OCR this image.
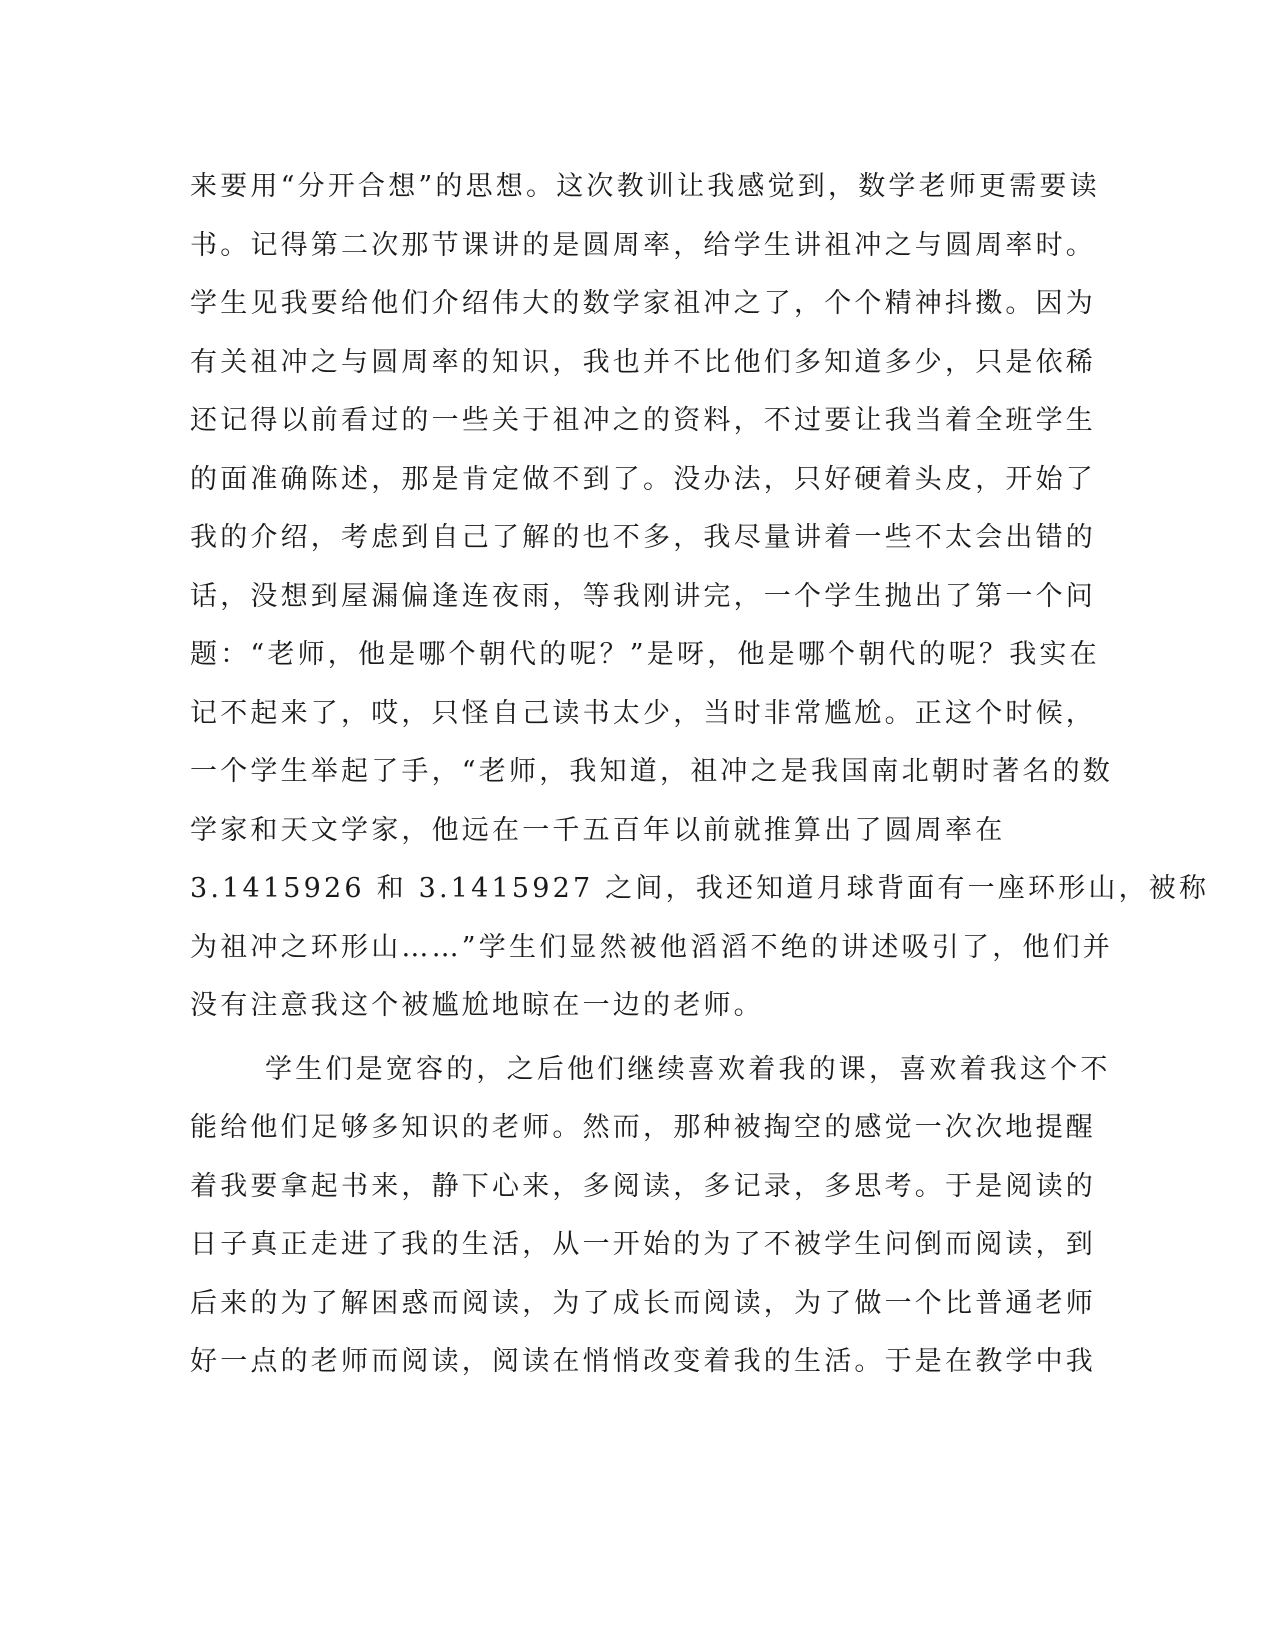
来要用“分开合想”的思想。这次教训让我感觉到，数学老师更需要读
书。记得第二次那节课讲的是圆周率，给学生讲祖冲之与圆周率时。
学生见我要给他们介绍伟大的数学家祖冲之了，个个精神抖擞。因为
有关祖冲之与圆周率的知识，我也并不比他们多知道多少，只是依稀
还记得以前看过的一些关于祖冲之的资料，不过要让我当着全班学生
的面准确陈述，那是肯定做不到了。没办法，只好硬着头皮，开始了
我的介绍，考虑到自己了解的也不多，我尽量讲着一些不太会出错的
话，没想到屋漏偏逢连夜雨，等我刚讲完，一个学生抛出了第一个问
题：“老师，他是哪个朝代的呢？”是呀，他是哪个朝代的呢？我实在
记不起来了，哎，只怪自己读书太少，当时非常尴尬。正这个时候，
一个学生举起了手，“老师，我知道，祖冲之是我国南北朝时著名的数
学家和天文学家，他远在一千五百年以前就推算出了圆周率在
3.1415926 和 3.1415927 之间，我还知道月球背面有一座环形山，被称
为祖冲之环形山……”学生们显然被他滔滔不绝的讲述吸引了，他们并
没有注意我这个被尴尬地晾在一边的老师。
学生们是宽容的，之后他们继续喜欢着我的课，喜欢着我这个不
能给他们足够多知识的老师。然而，那种被掏空的感觉一次次地提醒
着我要拿起书来，静下心来，多阅读，多记录，多思考。于是阅读的
日子真正走进了我的生活，从一开始的为了不被学生问倒而阅读，到
后来的为了解困惑而阅读，为了成长而阅读，为了做一个比普通老师
好一点的老师而阅读，阅读在悄悄改变着我的生活。于是在教学中我
